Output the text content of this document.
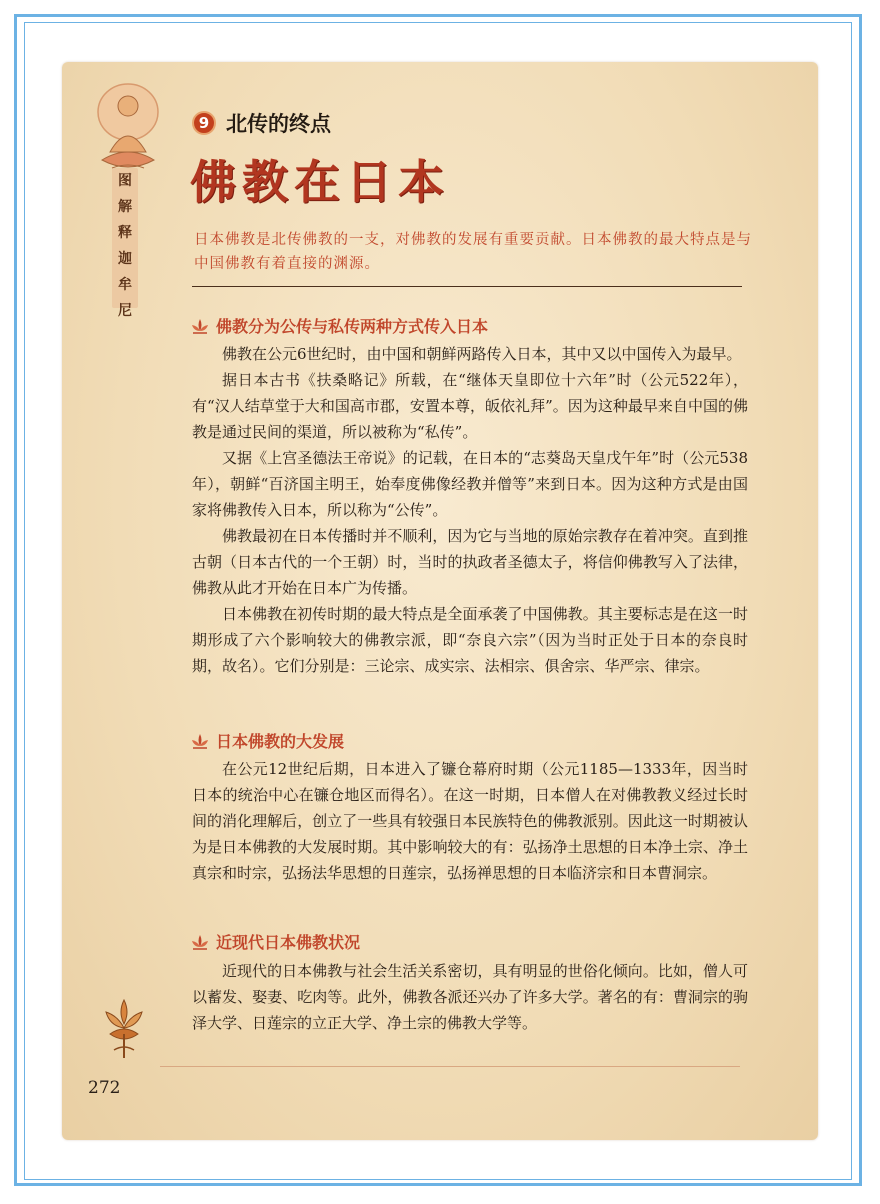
图
解
释
迦
牟
尼
9 北传的终点
佛教在日本
日本佛教是北传佛教的一支，对佛教的发展有重要贡献。日本佛教的最大特点是与中国佛教有着直接的渊源。
佛教分为公传与私传两种方式传入日本

佛教在公元6世纪时，由中国和朝鲜两路传入日本，其中又以中国传入为最早。

据日本古书《扶桑略记》所载，在“继体天皇即位十六年”时（公元522年），有“汉人结草堂于大和国高市郡，安置本尊，皈依礼拜”。因为这种最早来自中国的佛教是通过民间的渠道，所以被称为“私传”。

又据《上宫圣德法王帝说》的记载，在日本的“志葵岛天皇戊午年”时（公元538年），朝鲜“百济国主明王，始奉度佛像经教并僧等”来到日本。因为这种方式是由国家将佛教传入日本，所以称为“公传”。

佛教最初在日本传播时并不顺利，因为它与当地的原始宗教存在着冲突。直到推古朝（日本古代的一个王朝）时，当时的执政者圣德太子，将信仰佛教写入了法律，佛教从此才开始在日本广为传播。

日本佛教在初传时期的最大特点是全面承袭了中国佛教。其主要标志是在这一时期形成了六个影响较大的佛教宗派，即“奈良六宗”（因为当时正处于日本的奈良时期，故名）。它们分别是：三论宗、成实宗、法相宗、俱舍宗、华严宗、律宗。

日本佛教的大发展

在公元12世纪后期，日本进入了镰仓幕府时期（公元1185—1333年，因当时日本的统治中心在镰仓地区而得名）。在这一时期，日本僧人在对佛教教义经过长时间的消化理解后，创立了一些具有较强日本民族特色的佛教派别。因此这一时期被认为是日本佛教的大发展时期。其中影响较大的有：弘扬净土思想的日本净土宗、净土真宗和时宗，弘扬法华思想的日莲宗，弘扬禅思想的日本临济宗和日本曹洞宗。

近现代日本佛教状况

近现代的日本佛教与社会生活关系密切，具有明显的世俗化倾向。比如，僧人可以蓄发、娶妻、吃肉等。此外，佛教各派还兴办了许多大学。著名的有：曹洞宗的驹泽大学、日莲宗的立正大学、净土宗的佛教大学等。

272
